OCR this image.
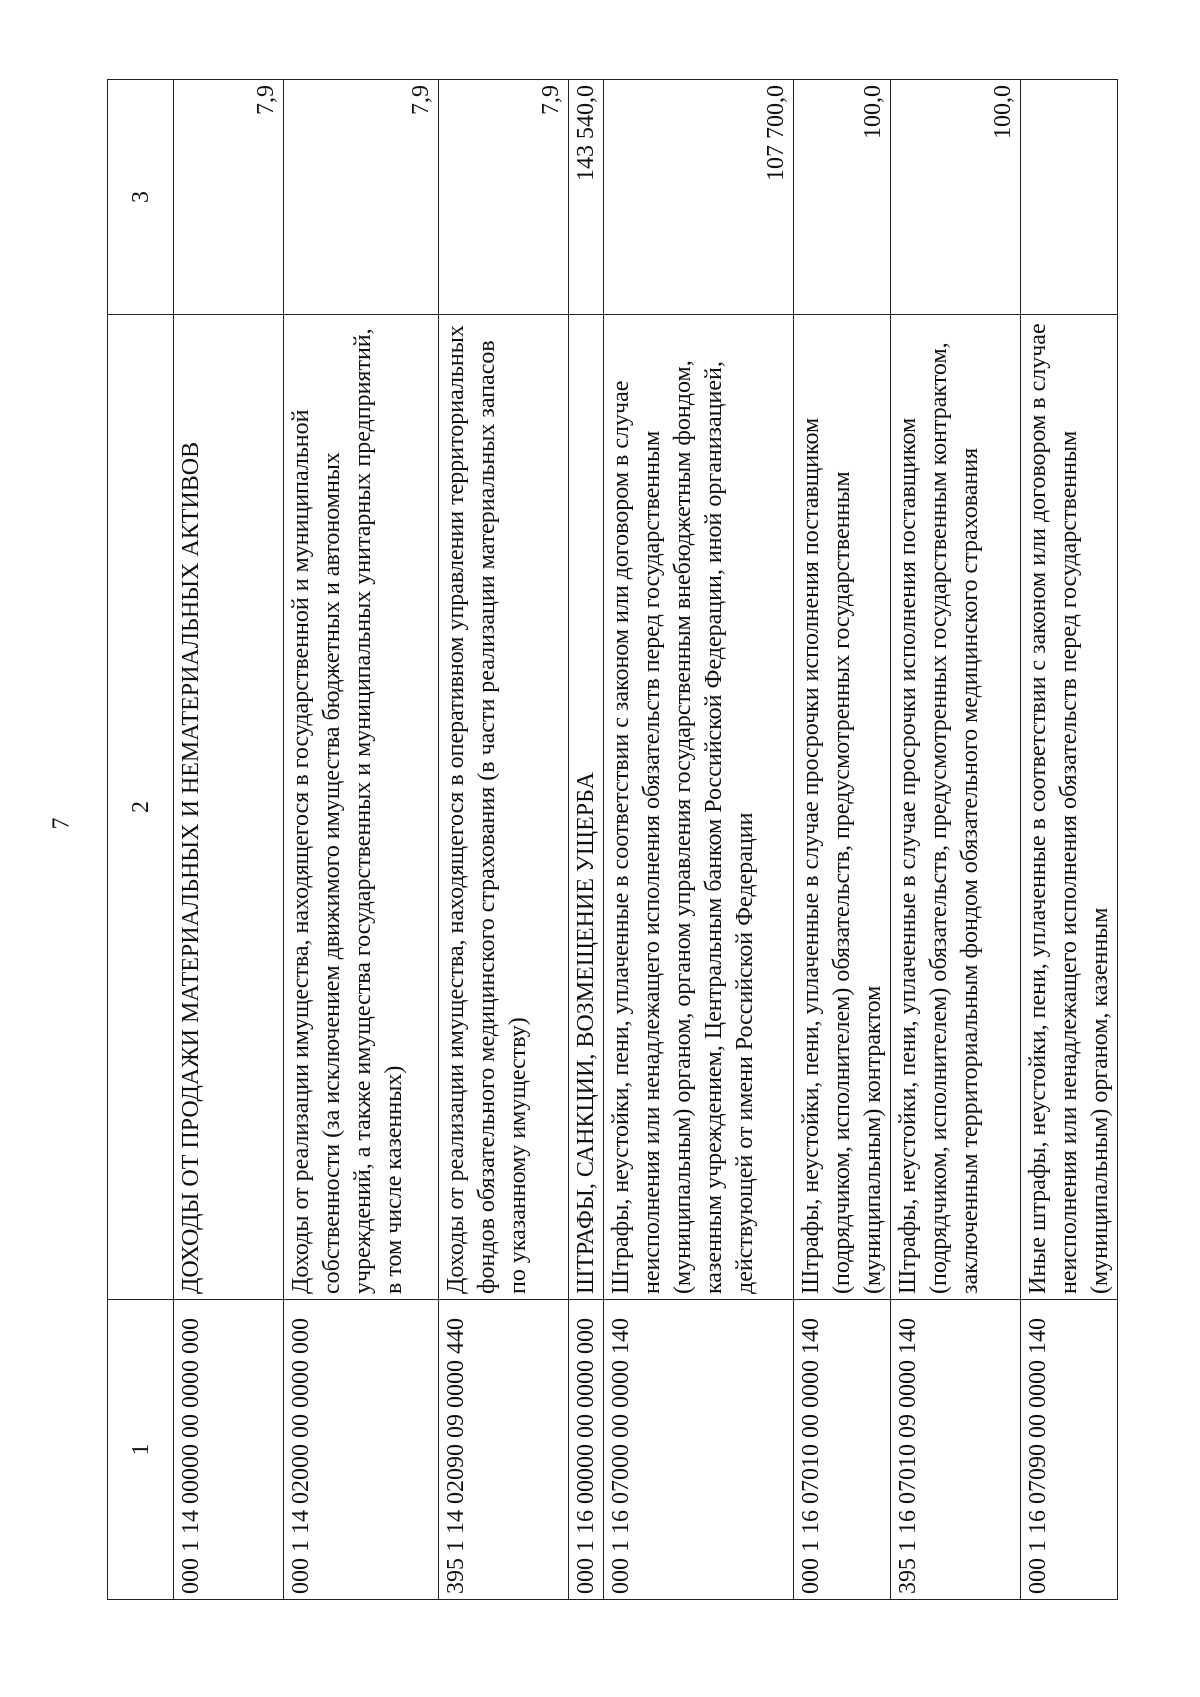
7
1	2	3
000 1 14 00000 00 0000 000	ДОХОДЫ ОТ ПРОДАЖИ МАТЕРИАЛЬНЫХ И НЕМАТЕРИАЛЬНЫХ АКТИВОВ	7,9
000 1 14 02000 00 0000 000	Доходы от реализации имущества, находящегося в государственной и муниципальной собственности (за исключением движимого имущества бюджетных и автономных учреждений, а также имущества государственных и муниципальных унитарных предприятий, в том числе казенных)	7,9
395 1 14 02090 09 0000 440	Доходы от реализации имущества, находящегося в оперативном управлении территориальных фондов обязательного медицинского страхования (в части реализации материальных запасов по указанному имуществу)	7,9
000 1 16 00000 00 0000 000	ШТРАФЫ, САНКЦИИ, ВОЗМЕЩЕНИЕ УЩЕРБА	143 540,0
000 1 16 07000 00 0000 140	Штрафы, неустойки, пени, уплаченные в соответствии с законом или договором в случае неисполнения или ненадлежащего исполнения обязательств перед государственным (муниципальным) органом, органом управления государственным внебюджетным фондом, казенным учреждением, Центральным банком Российской Федерации, иной организацией, действующей от имени Российской Федерации	107 700,0
000 1 16 07010 00 0000 140	Штрафы, неустойки, пени, уплаченные в случае просрочки исполнения поставщиком (подрядчиком, исполнителем) обязательств, предусмотренных государственным (муниципальным) контрактом	100,0
395 1 16 07010 09 0000 140	Штрафы, неустойки, пени, уплаченные в случае просрочки исполнения поставщиком (подрядчиком, исполнителем) обязательств, предусмотренных государственным контрактом, заключенным территориальным фондом обязательного медицинского страхования	100,0
000 1 16 07090 00 0000 140	Иные штрафы, неустойки, пени, уплаченные в соответствии с законом или договором в случае неисполнения или ненадлежащего исполнения обязательств перед государственным (муниципальным) органом, казенным	
